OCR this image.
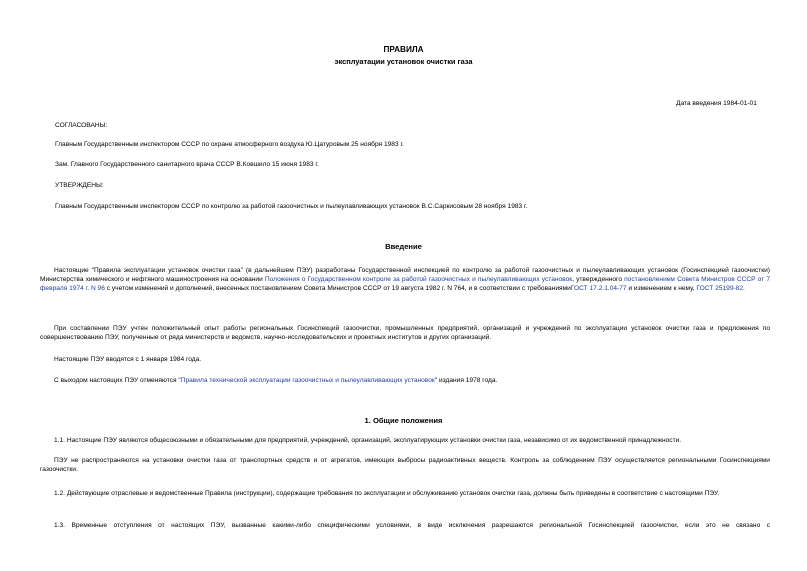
ПРАВИЛА
эксплуатации установок очистки газа
Дата введения 1984-01-01
СОГЛАСОВАНЫ:
Главным Государственным инспектором СССР по охране атмосферного воздуха Ю.Цатуровым 25 ноября 1983 г.
Зам. Главного Государственного санитарного врача СССР В.Ковшило 15 июня 1983 г.
УТВЕРЖДЕНЫ:
Главным Государственным инспектором СССР по контролю за работой газоочистных и пылеулавливающих установок В.С.Саркисовым 28 ноября 1983 г.
Введение
Настоящие "Правила эксплуатации установок очистки газа" (в дальнейшем ПЭУ) разработаны Государственной инспекцией по контролю за работой газоочистных и пылеулавливающих установок (Госинспекцией газоочистки) Министерства химического и нефтяного машиностроения на основании Положения о Государственном контроле за работой газоочистных и пылеулавливающих установок, утвержденного постановлением Совета Министров СССР от 7 февраля 1974 г. N 96 с учетом изменений и дополнений, внесенных постановлением Совета Министров СССР от 19 августа 1982 г. N 764, и в соответствии с требованиямиГОСТ 17.2.1.04-77 и изменением к нему, ГОСТ 25199-82.
При составлении ПЭУ учтен положительный опыт работы региональных Госинспекций газоочистки, промышленных предприятий, организаций и учреждений по эксплуатации установок очистки газа и предложения по совершенствованию ПЭУ, полученные от ряда министерств и ведомств, научно-исследовательских и проектных институтов и других организаций.
Настоящие ПЭУ вводятся с 1 января 1984 года.
С выходом настоящих ПЭУ отменяются "Правила технической эксплуатации газоочистных и пылеулавливающих установок" издания 1978 года.
1. Общие положения
1.1. Настоящие ПЭУ являются общесоюзными и обязательными для предприятий, учреждений, организаций, эксплуатирующих установки очистки газа, независимо от их ведомственной принадлежности.
ПЭУ не распространяются на установки очистки газа от транспортных средств и от агрегатов, имеющих выбросы радиоактивных веществ. Контроль за соблюдением ПЭУ осуществляется региональными Госинспекциями газоочистки.
1.2. Действующие отраслевые и ведомственные Правила (инструкции), содержащие требования по эксплуатации и обслуживанию установок очистки газа, должны быть приведены в соответствие с настоящими ПЭУ.
1.3. Временные отступления от настоящих ПЭУ, вызванные какими-либо специфическими условиями, в виде исключения разрешаются региональной Госинспекцией газоочистки, если это не связано с
